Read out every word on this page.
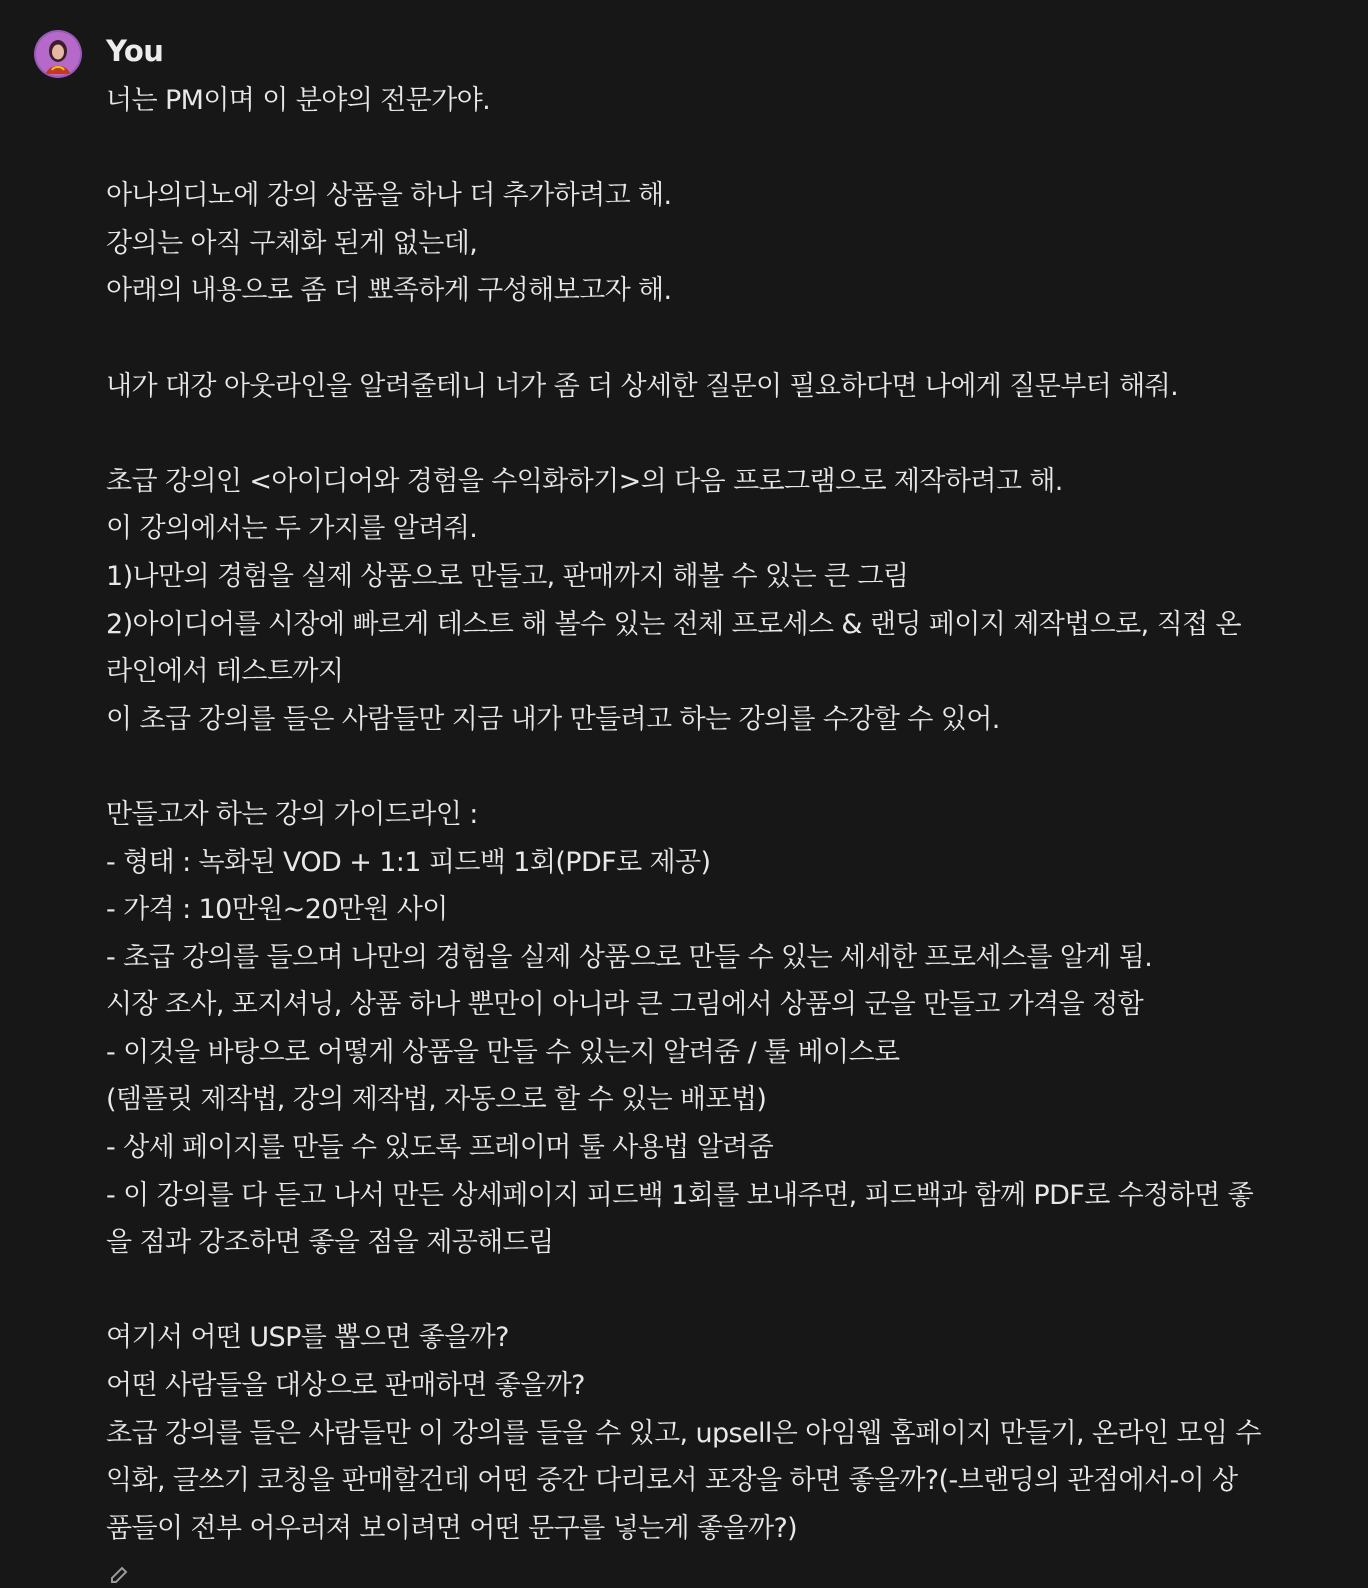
You
너는 PM이며 이 분야의 전문가야.
아나의디노에 강의 상품을 하나 더 추가하려고 해.
강의는 아직 구체화 된게 없는데,
아래의 내용으로 좀 더 뾰족하게 구성해보고자 해.
내가 대강 아웃라인을 알려줄테니 너가 좀 더 상세한 질문이 필요하다면 나에게 질문부터 해줘.
초급 강의인 <아이디어와 경험을 수익화하기>의 다음 프로그램으로 제작하려고 해.
이 강의에서는 두 가지를 알려줘.
1)나만의 경험을 실제 상품으로 만들고, 판매까지 해볼 수 있는 큰 그림
2)아이디어를 시장에 빠르게 테스트 해 볼수 있는 전체 프로세스 & 랜딩 페이지 제작법으로, 직접 온
라인에서 테스트까지
이 초급 강의를 들은 사람들만 지금 내가 만들려고 하는 강의를 수강할 수 있어.
만들고자 하는 강의 가이드라인 :
- 형태 : 녹화된 VOD + 1:1 피드백 1회(PDF로 제공)
- 가격 : 10만원~20만원 사이
- 초급 강의를 들으며 나만의 경험을 실제 상품으로 만들 수 있는 세세한 프로세스를 알게 됨.
시장 조사, 포지셔닝, 상품 하나 뿐만이 아니라 큰 그림에서 상품의 군을 만들고 가격을 정함
- 이것을 바탕으로 어떻게 상품을 만들 수 있는지 알려줌 / 툴 베이스로
(템플릿 제작법, 강의 제작법, 자동으로 할 수 있는 배포법)
- 상세 페이지를 만들 수 있도록 프레이머 툴 사용법 알려줌
- 이 강의를 다 듣고 나서 만든 상세페이지 피드백 1회를 보내주면, 피드백과 함께 PDF로 수정하면 좋
을 점과 강조하면 좋을 점을 제공해드림
여기서 어떤 USP를 뽑으면 좋을까?
어떤 사람들을 대상으로 판매하면 좋을까?
초급 강의를 들은 사람들만 이 강의를 들을 수 있고, upsell은 아임웹 홈페이지 만들기, 온라인 모임 수
익화, 글쓰기 코칭을 판매할건데 어떤 중간 다리로서 포장을 하면 좋을까?(-브랜딩의 관점에서-이 상
품들이 전부 어우러져 보이려면 어떤 문구를 넣는게 좋을까?)
